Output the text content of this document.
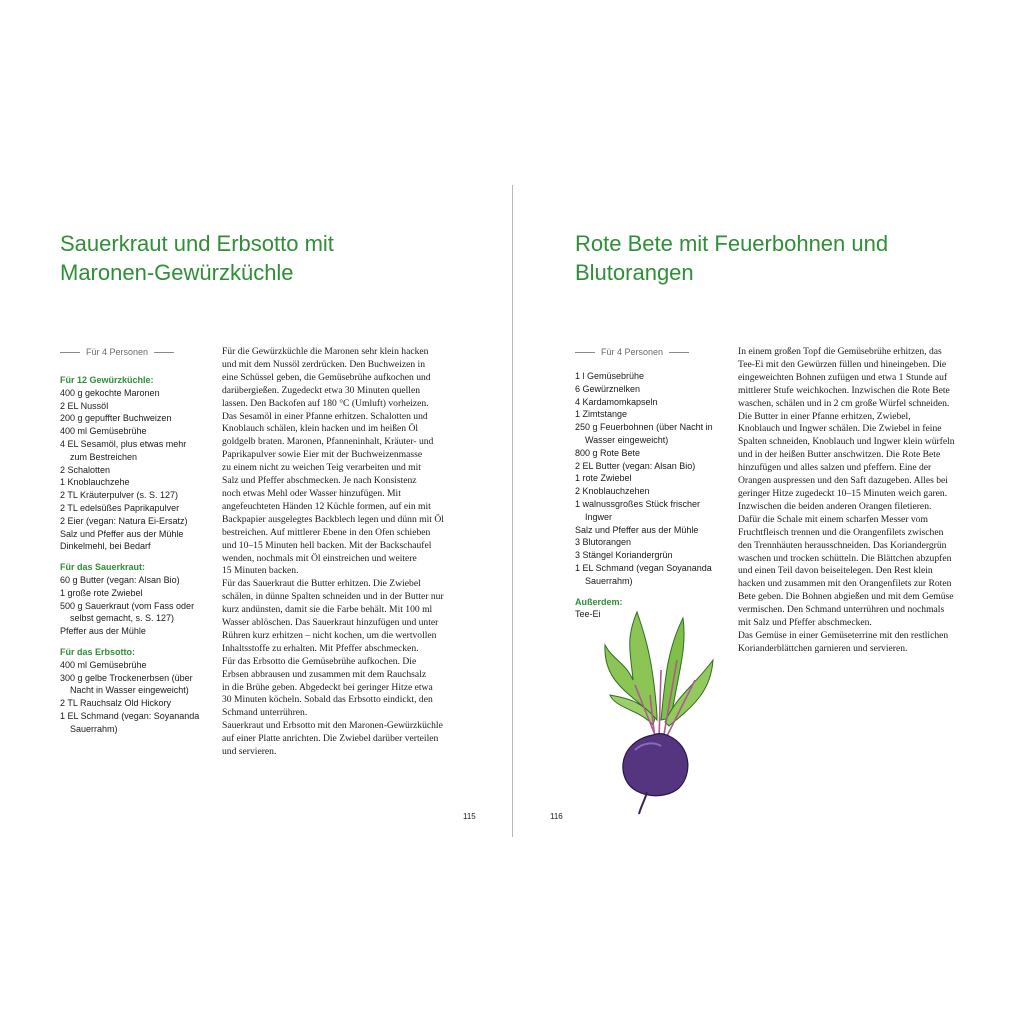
Sauerkraut und Erbsotto mit
Maronen-Gewürzküchle
Für 4 Personen
Für 12 Gewürzküchle:
400 g gekochte Maronen
2 EL Nussöl
200 g gepuffter Buchweizen
400 ml Gemüsebrühe
4 EL Sesamöl, plus etwas mehr
zum Bestreichen
2 Schalotten
1 Knoblauchzehe
2 TL Kräuterpulver (s. S. 127)
2 TL edelsüßes Paprikapulver
2 Eier (vegan: Natura Ei-Ersatz)
Salz und Pfeffer aus der Mühle
Dinkelmehl, bei Bedarf
Für das Sauerkraut:
60 g Butter (vegan: Alsan Bio)
1 große rote Zwiebel
500 g Sauerkraut (vom Fass oder
selbst gemacht, s. S. 127)
Pfeffer aus der Mühle
Für das Erbsotto:
400 ml Gemüsebrühe
300 g gelbe Trockenerbsen (über
Nacht in Wasser eingeweicht)
2 TL Rauchsalz Old Hickory
1 EL Schmand (vegan: Soyananda
Sauerrahm)
Für die Gewürzküchle die Maronen sehr klein hacken
und mit dem Nussöl zerdrücken. Den Buchweizen in
eine Schüssel geben, die Gemüsebrühe aufkochen und
darübergießen. Zugedeckt etwa 30 Minuten quellen
lassen. Den Backofen auf 180 °C (Umluft) vorheizen.
Das Sesamöl in einer Pfanne erhitzen. Schalotten und
Knoblauch schälen, klein hacken und im heißen Öl
goldgelb braten. Maronen, Pfanneninhalt, Kräuter- und
Paprikapulver sowie Eier mit der Buchweizenmasse
zu einem nicht zu weichen Teig verarbeiten und mit
Salz und Pfeffer abschmecken. Je nach Konsistenz
noch etwas Mehl oder Wasser hinzufügen. Mit
angefeuchteten Händen 12 Küchle formen, auf ein mit
Backpapier ausgelegtes Backblech legen und dünn mit Öl
bestreichen. Auf mittlerer Ebene in den Ofen schieben
und 10–15 Minuten hell backen. Mit der Backschaufel
wenden, nochmals mit Öl einstreichen und weitere
15 Minuten backen.
Für das Sauerkraut die Butter erhitzen. Die Zwiebel
schälen, in dünne Spalten schneiden und in der Butter nur
kurz andünsten, damit sie die Farbe behält. Mit 100 ml
Wasser ablöschen. Das Sauerkraut hinzufügen und unter
Rühren kurz erhitzen – nicht kochen, um die wertvollen
Inhaltsstoffe zu erhalten. Mit Pfeffer abschmecken.
Für das Erbsotto die Gemüsebrühe aufkochen. Die
Erbsen abbrausen und zusammen mit dem Rauchsalz
in die Brühe geben. Abgedeckt bei geringer Hitze etwa
30 Minuten köcheln. Sobald das Erbsotto eindickt, den
Schmand unterrühren.
Sauerkraut und Erbsotto mit den Maronen-Gewürzküchle
auf einer Platte anrichten. Die Zwiebel darüber verteilen
und servieren.
115
Rote Bete mit Feuerbohnen und
Blutorangen
Für 4 Personen
1 l Gemüsebrühe
6 Gewürznelken
4 Kardamomkapseln
1 Zimtstange
250 g Feuerbohnen (über Nacht in
Wasser eingeweicht)
800 g Rote Bete
2 EL Butter (vegan: Alsan Bio)
1 rote Zwiebel
2 Knoblauchzehen
1 walnussgroßes Stück frischer
Ingwer
Salz und Pfeffer aus der Mühle
3 Blutorangen
3 Stängel Koriandergrün
1 EL Schmand (vegan Soyananda
Sauerrahm)
Außerdem:
Tee-Ei
In einem großen Topf die Gemüsebrühe erhitzen, das
Tee-Ei mit den Gewürzen füllen und hineingeben. Die
eingeweichten Bohnen zufügen und etwa 1 Stunde auf
mittlerer Stufe weichkochen. Inzwischen die Rote Bete
waschen, schälen und in 2 cm große Würfel schneiden.
Die Butter in einer Pfanne erhitzen, Zwiebel,
Knoblauch und Ingwer schälen. Die Zwiebel in feine
Spalten schneiden, Knoblauch und Ingwer klein würfeln
und in der heißen Butter anschwitzen. Die Rote Bete
hinzufügen und alles salzen und pfeffern. Eine der
Orangen auspressen und den Saft dazugeben. Alles bei
geringer Hitze zugedeckt 10–15 Minuten weich garen.
Inzwischen die beiden anderen Orangen filetieren.
Dafür die Schale mit einem scharfen Messer vom
Fruchtfleisch trennen und die Orangenfilets zwischen
den Trennhäuten herausschneiden. Das Koriandergrün
waschen und trocken schütteln. Die Blättchen abzupfen
und einen Teil davon beiseitelegen. Den Rest klein
hacken und zusammen mit den Orangenfilets zur Roten
Bete geben. Die Bohnen abgießen und mit dem Gemüse
vermischen. Den Schmand unterrühren und nochmals
mit Salz und Pfeffer abschmecken.
Das Gemüse in einer Gemüseterrine mit den restlichen
Korianderblättchen garnieren und servieren.
116
